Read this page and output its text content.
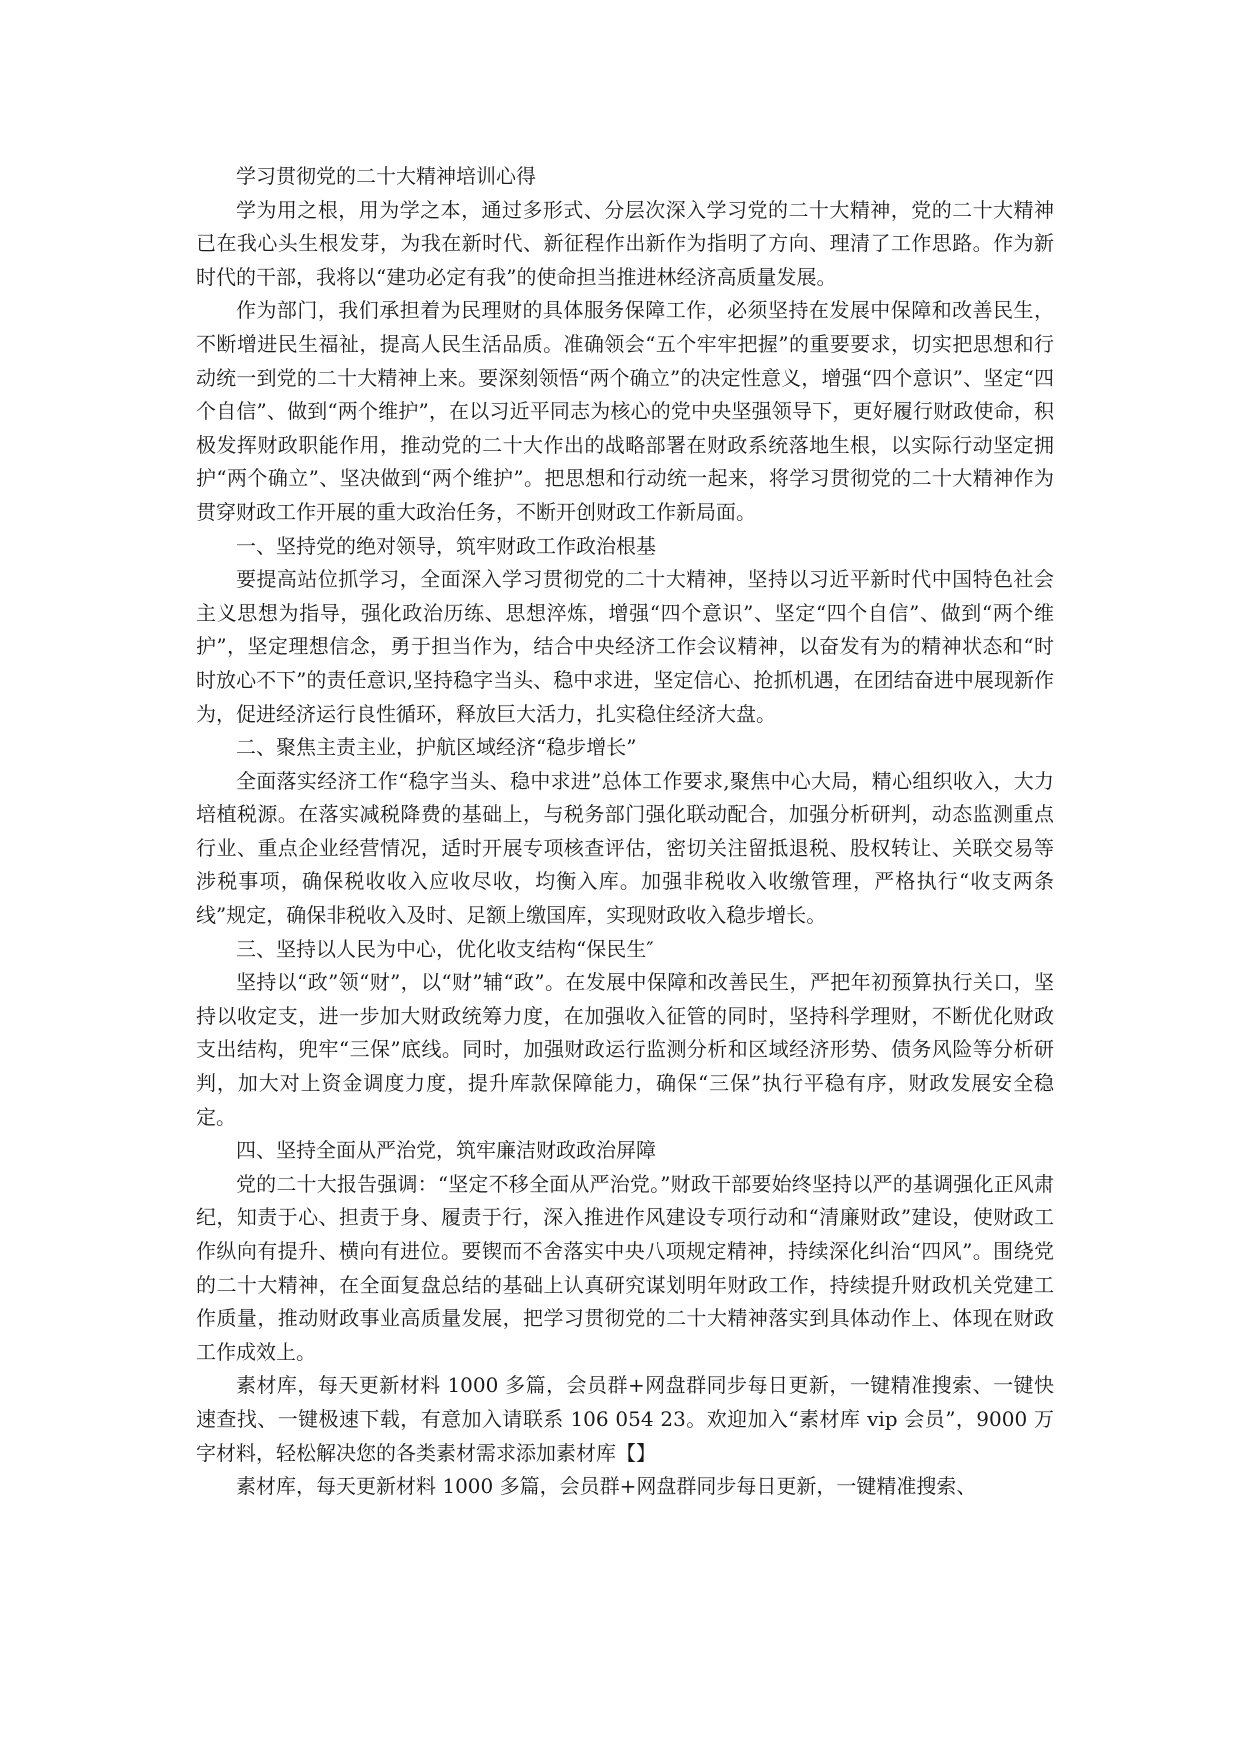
学习贯彻党的二十大精神培训心得

学为用之根，用为学之本，通过多形式、分层次深入学习党的二十大精神，党的二十大精神已在我心头生根发芽，为我在新时代、新征程作出新作为指明了方向、理清了工作思路。作为新时代的干部，我将以“建功必定有我”的使命担当推进林经济高质量发展。

作为部门，我们承担着为民理财的具体服务保障工作，必须坚持在发展中保障和改善民生，不断增进民生福祉，提高人民生活品质。准确领会“五个牢牢把握”的重要要求，切实把思想和行动统一到党的二十大精神上来。要深刻领悟“两个确立”的决定性意义，增强“四个意识”、坚定“四个自信”、做到“两个维护”，在以习近平同志为核心的党中央坚强领导下，更好履行财政使命，积极发挥财政职能作用，推动党的二十大作出的战略部署在财政系统落地生根，以实际行动坚定拥护“两个确立”、坚决做到“两个维护”。把思想和行动统一起来，将学习贯彻党的二十大精神作为贯穿财政工作开展的重大政治任务，不断开创财政工作新局面。

一、坚持党的绝对领导，筑牢财政工作政治根基

要提高站位抓学习，全面深入学习贯彻党的二十大精神，坚持以习近平新时代中国特色社会主义思想为指导，强化政治历练、思想淬炼，增强“四个意识”、坚定“四个自信”、做到“两个维护”，坚定理想信念，勇于担当作为，结合中央经济工作会议精神，以奋发有为的精神状态和“时时放心不下”的责任意识,坚持稳字当头、稳中求进，坚定信心、抢抓机遇，在团结奋进中展现新作为，促进经济运行良性循环，释放巨大活力，扎实稳住经济大盘。

二、聚焦主责主业，护航区域经济“稳步增长”

全面落实经济工作“稳字当头、稳中求进”总体工作要求,聚焦中心大局，精心组织收入，大力培植税源。在落实减税降费的基础上，与税务部门强化联动配合，加强分析研判，动态监测重点行业、重点企业经营情况，适时开展专项核查评估，密切关注留抵退税、股权转让、关联交易等涉税事项，确保税收收入应收尽收，均衡入库。加强非税收入收缴管理，严格执行“收支两条线”规定，确保非税收入及时、足额上缴国库，实现财政收入稳步增长。

三、坚持以人民为中心，优化收支结构“保民生″

坚持以“政”领“财”，以“财”辅“政”。在发展中保障和改善民生，严把年初预算执行关口，坚持以收定支，进一步加大财政统筹力度，在加强收入征管的同时，坚持科学理财，不断优化财政支出结构，兜牢“三保”底线。同时，加强财政运行监测分析和区域经济形势、债务风险等分析研判，加大对上资金调度力度，提升库款保障能力，确保“三保”执行平稳有序，财政发展安全稳定。

四、坚持全面从严治党，筑牢廉洁财政政治屏障

党的二十大报告强调：“坚定不移全面从严治党。”财政干部要始终坚持以严的基调强化正风肃纪，知责于心、担责于身、履责于行，深入推进作风建设专项行动和“清廉财政”建设，使财政工作纵向有提升、横向有进位。要锲而不舍落实中央八项规定精神，持续深化纠治“四风”。围绕党的二十大精神，在全面复盘总结的基础上认真研究谋划明年财政工作，持续提升财政机关党建工作质量，推动财政事业高质量发展，把学习贯彻党的二十大精神落实到具体动作上、体现在财政工作成效上。

素材库，每天更新材料 1000 多篇，会员群+网盘群同步每日更新，一键精准搜索、一键快速查找、一键极速下载，有意加入请联系 106 054 23。欢迎加入“素材库 vip 会员”，9000 万字材料，轻松解决您的各类素材需求添加素材库【】

素材库，每天更新材料 1000 多篇，会员群+网盘群同步每日更新，一键精准搜索、
